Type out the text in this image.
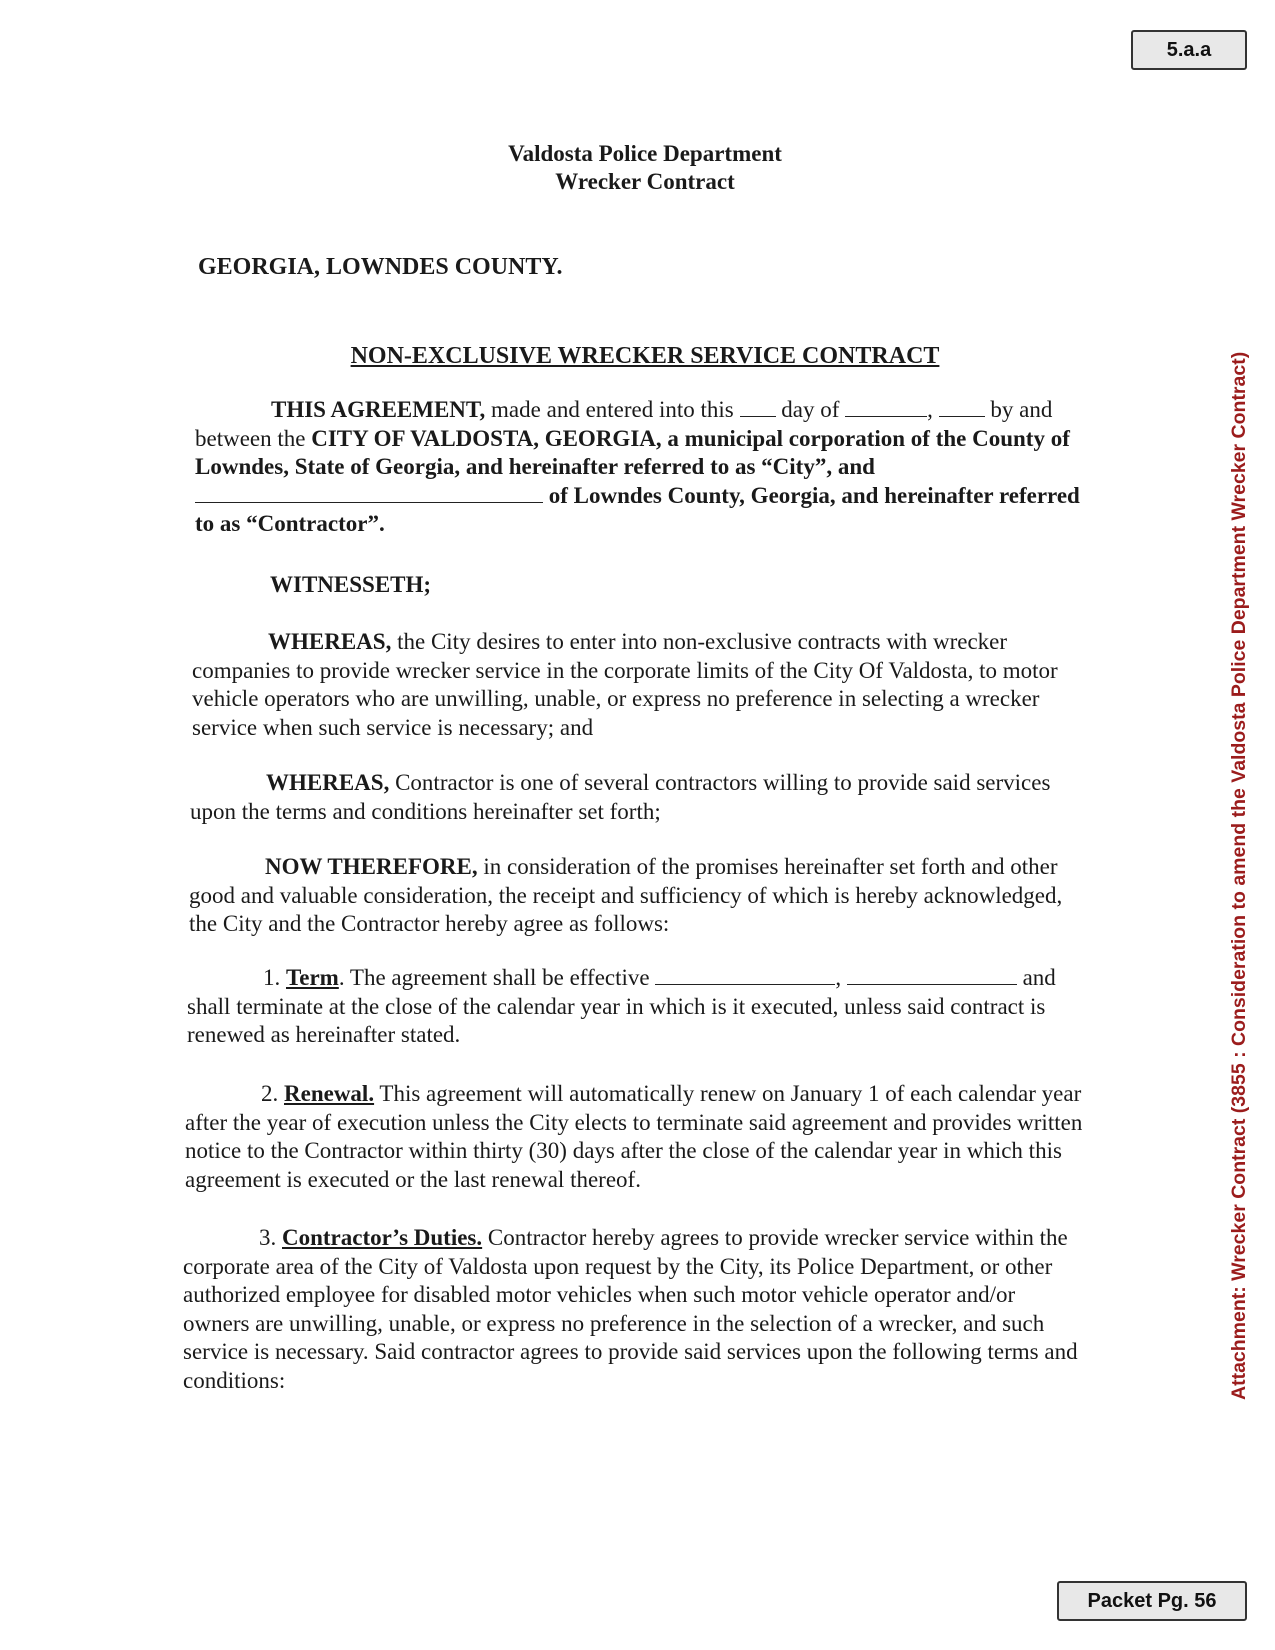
5.a.a
Attachment: Wrecker Contract (3855 : Consideration to amend the Valdosta Police Department Wrecker Contract)
Valdosta Police Department
Wrecker Contract
GEORGIA, LOWNDES COUNTY.
NON-EXCLUSIVE WRECKER SERVICE CONTRACT

THIS AGREEMENT, made and entered into this  day of	,  by and between the CITY OF VALDOSTA, GEORGIA, a municipal corporation of the County of Lowndes, State of Georgia, and hereinafter referred to as “City”, and
of Lowndes County, Georgia, and hereinafter referred to as “Contractor”.

WITNESSETH;

WHEREAS, the City desires to enter into non-exclusive contracts with wrecker companies to provide wrecker service in the corporate limits of the City Of Valdosta, to motor vehicle operators who are unwilling, unable, or express no preference in selecting a wrecker service when such service is necessary; and

WHEREAS, Contractor is one of several contractors willing to provide said services upon the terms and conditions hereinafter set forth;

NOW THEREFORE, in consideration of the promises hereinafter set forth and other good and valuable consideration, the receipt and sufficiency of which is hereby acknowledged, the City and the Contractor hereby agree as follows:

1. Term. The agreement shall be effective	,	and shall terminate at the close of the calendar year in which is it executed, unless said contract is renewed as hereinafter stated.

2. Renewal. This agreement will automatically renew on January 1 of each calendar year after the year of execution unless the City elects to terminate said agreement and provides written notice to the Contractor within thirty (30) days after the close of the calendar year in which this agreement is executed or the last renewal thereof.

3. Contractor’s Duties. Contractor hereby agrees to provide wrecker service within the corporate area of the City of Valdosta upon request by the City, its Police Department, or other authorized employee for disabled motor vehicles when such motor vehicle operator and/or owners are unwilling, unable, or express no preference in the selection of a wrecker, and such service is necessary. Said contractor agrees to provide said services upon the following terms and conditions:

Packet Pg. 56
